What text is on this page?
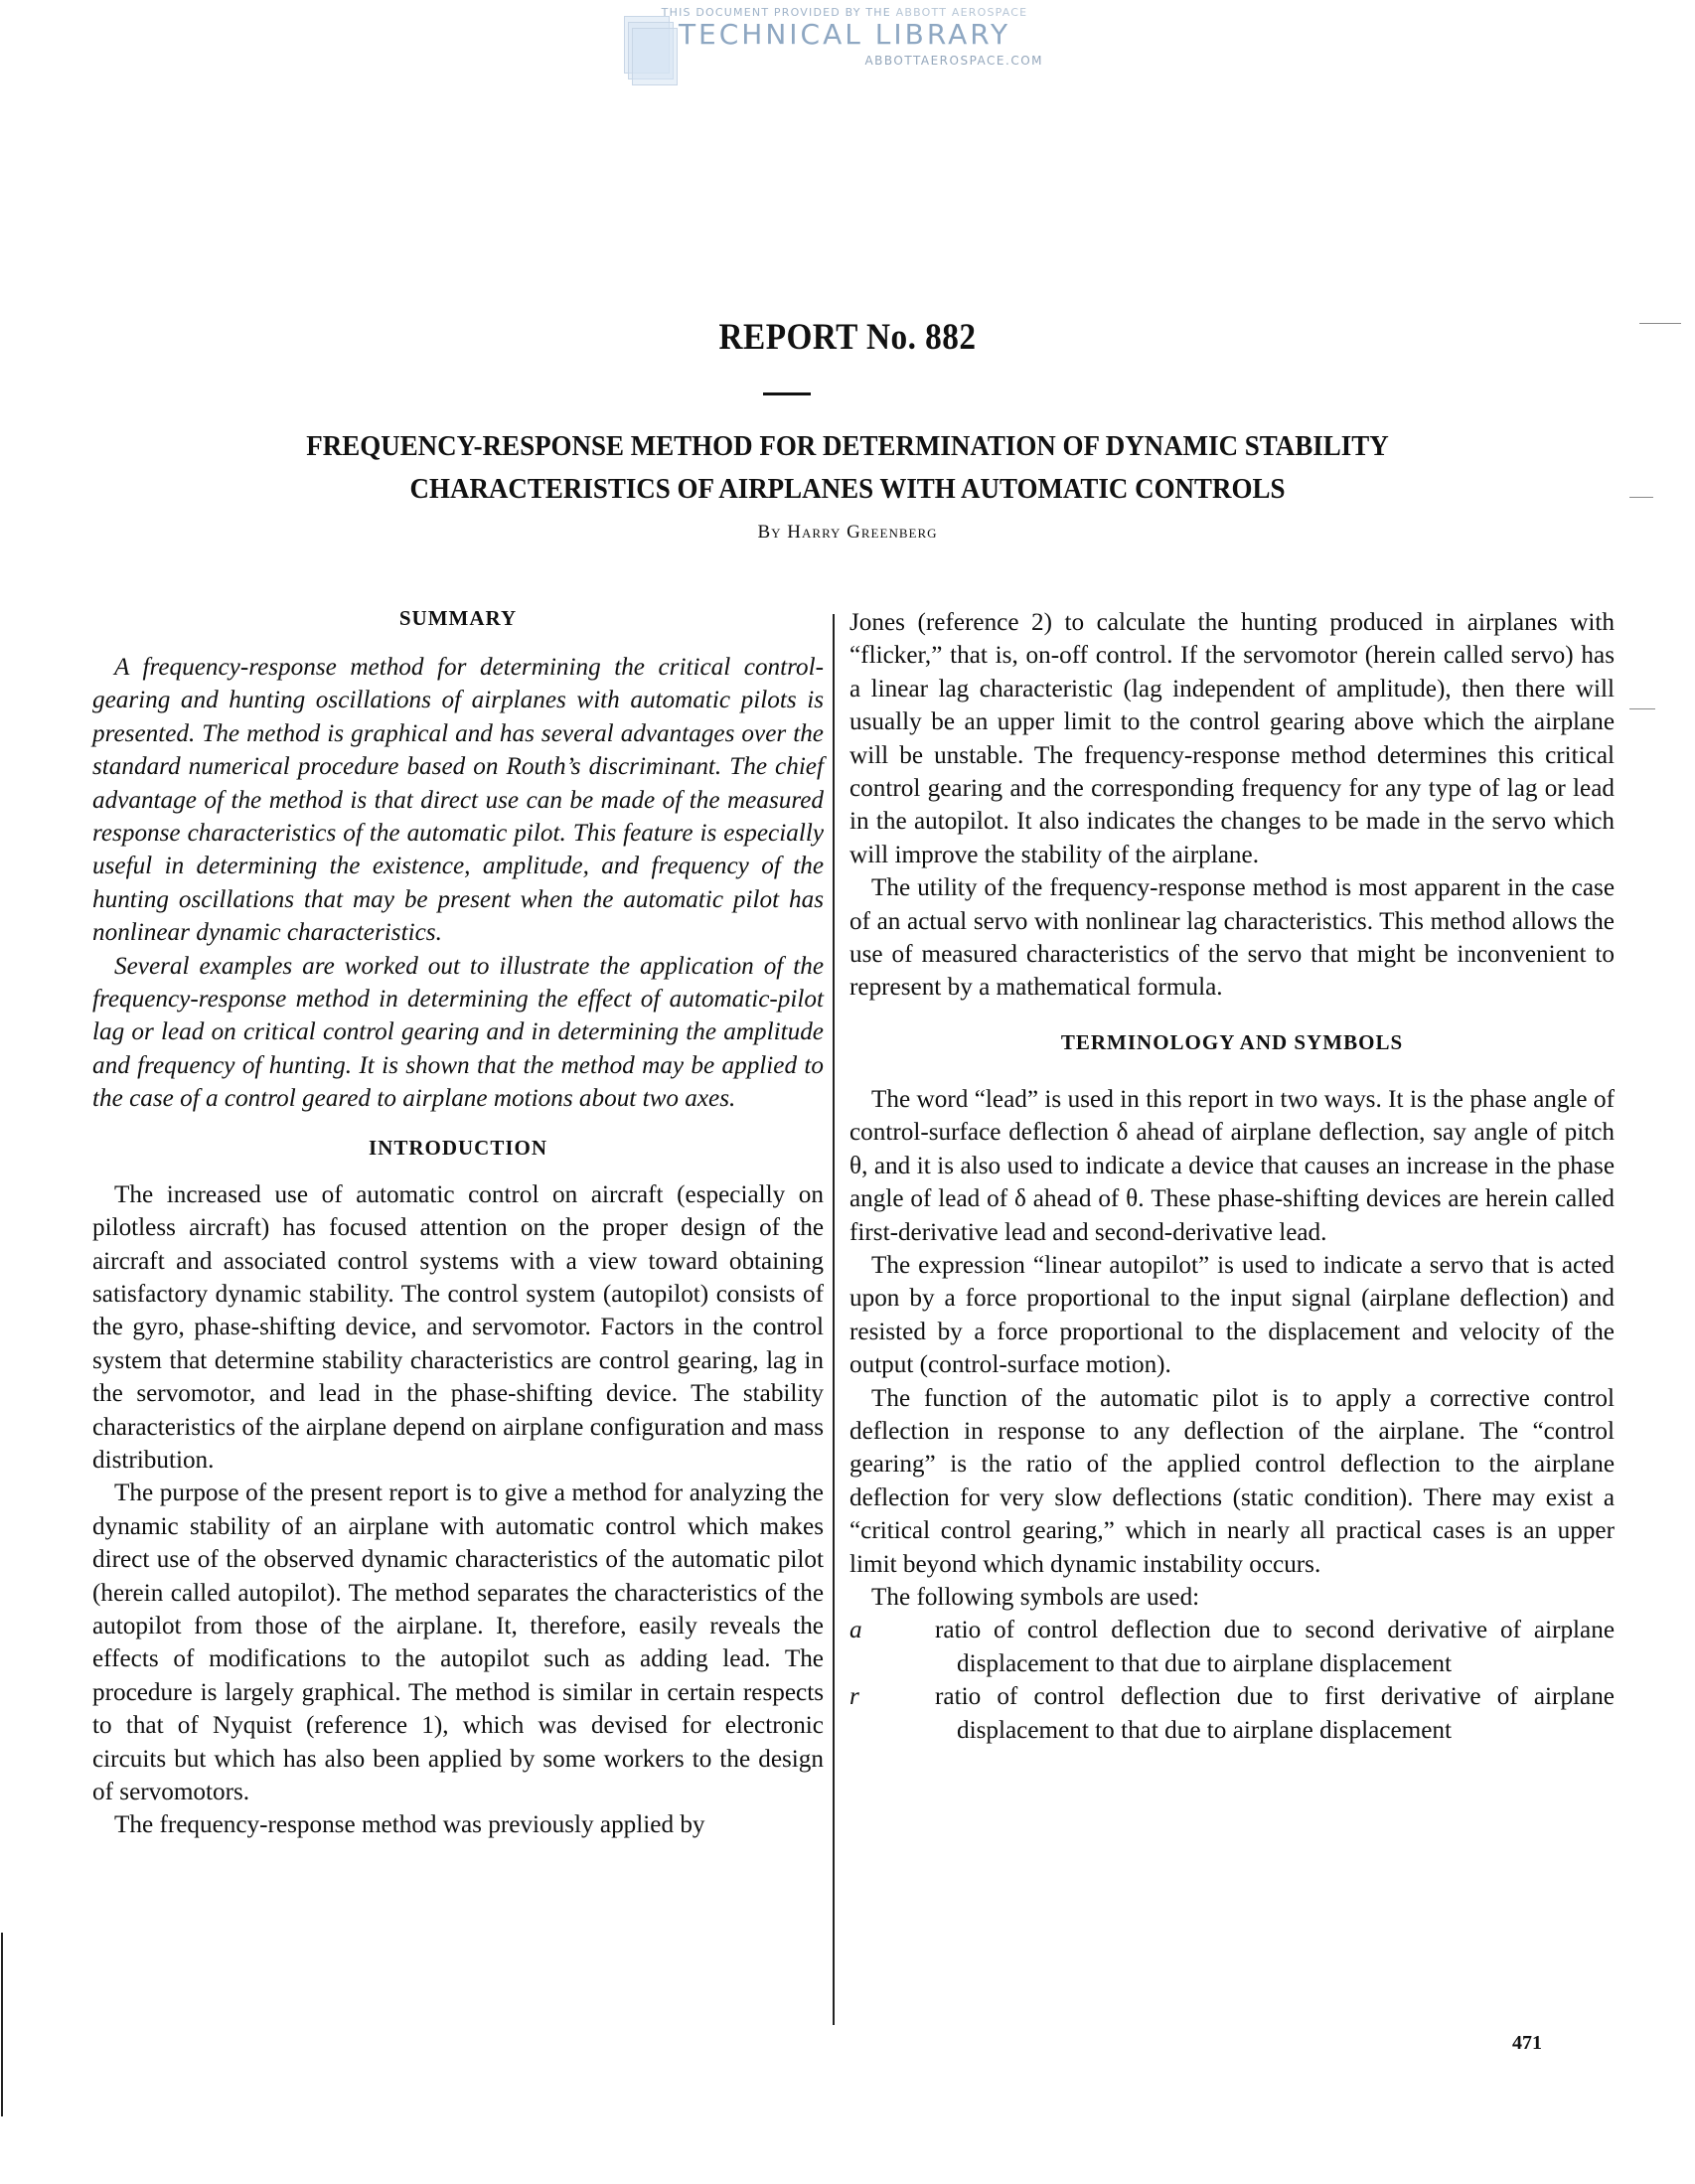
THIS DOCUMENT PROVIDED BY THE ABBOTT AEROSPACE
TECHNICAL LIBRARY
ABBOTTAEROSPACE.COM
REPORT No. 882
FREQUENCY-RESPONSE METHOD FOR DETERMINATION OF DYNAMIC STABILITY
CHARACTERISTICS OF AIRPLANES WITH AUTOMATIC CONTROLS
By Harry Greenberg
SUMMARY

A frequency-response method for determining the critical control-gearing and hunting oscillations of airplanes with automatic pilots is presented. The method is graphical and has several advantages over the standard numerical procedure based on Routh’s discriminant. The chief advantage of the method is that direct use can be made of the measured response characteristics of the automatic pilot. This feature is especially useful in determining the existence, amplitude, and frequency of the hunting oscillations that may be present when the automatic pilot has nonlinear dynamic characteristics.

Several examples are worked out to illustrate the application of the frequency-response method in determining the effect of automatic-pilot lag or lead on critical control gearing and in determining the amplitude and frequency of hunting. It is shown that the method may be applied to the case of a control geared to airplane motions about two axes.

INTRODUCTION

The increased use of automatic control on aircraft (especially on pilotless aircraft) has focused attention on the proper design of the aircraft and associated control systems with a view toward obtaining satisfactory dynamic stability. The control system (autopilot) consists of the gyro, phase-shifting device, and servomotor. Factors in the control system that determine stability characteristics are control gearing, lag in the servomotor, and lead in the phase-shifting device. The stability characteristics of the airplane depend on airplane configuration and mass distribution.

The purpose of the present report is to give a method for analyzing the dynamic stability of an airplane with automatic control which makes direct use of the observed dynamic characteristics of the automatic pilot (herein called autopilot). The method separates the characteristics of the autopilot from those of the airplane. It, therefore, easily reveals the effects of modifications to the autopilot such as adding lead. The procedure is largely graphical. The method is similar in certain respects to that of Nyquist (reference 1), which was devised for electronic circuits but which has also been applied by some workers to the design of servomotors.

The frequency-response method was previously applied by

Jones (reference 2) to calculate the hunting produced in airplanes with “flicker,” that is, on-off control. If the servomotor (herein called servo) has a linear lag characteristic (lag independent of amplitude), then there will usually be an upper limit to the control gearing above which the airplane will be unstable. The frequency-response method determines this critical control gearing and the corresponding frequency for any type of lag or lead in the autopilot. It also indicates the changes to be made in the servo which will improve the stability of the airplane.

The utility of the frequency-response method is most apparent in the case of an actual servo with nonlinear lag characteristics. This method allows the use of measured characteristics of the servo that might be inconvenient to represent by a mathematical formula.

TERMINOLOGY AND SYMBOLS

The word “lead” is used in this report in two ways. It is the phase angle of control-surface deflection δ ahead of airplane deflection, say angle of pitch θ, and it is also used to indicate a device that causes an increase in the phase angle of lead of δ ahead of θ. These phase-shifting devices are herein called first-derivative lead and second-derivative lead.

The expression “linear autopilot” is used to indicate a servo that is acted upon by a force proportional to the input signal (airplane deflection) and resisted by a force proportional to the displacement and velocity of the output (control-surface motion).

The function of the automatic pilot is to apply a corrective control deflection in response to any deflection of the airplane. The “control gearing” is the ratio of the applied control deflection to the airplane deflection for very slow deflections (static condition). There may exist a “critical control gearing,” which in nearly all practical cases is an upper limit beyond which dynamic instability occurs.

The following symbols are used:

a	ratio of control deflection due to second derivative of airplane displacement to that due to airplane displacement
r	ratio of control deflection due to first derivative of airplane displacement to that due to airplane displacement
471
